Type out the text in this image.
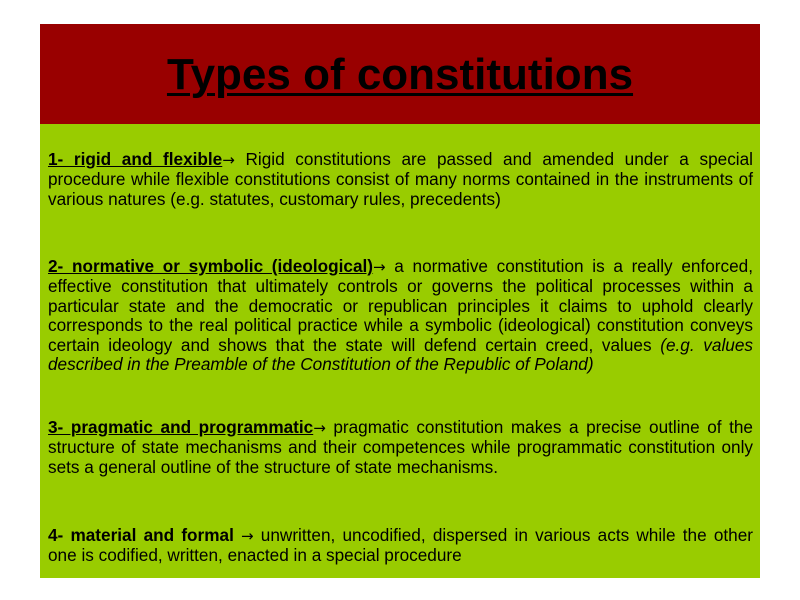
Types of constitutions

1- rigid and flexible→ Rigid constitutions are passed and amended under a special procedure while flexible constitutions consist of many norms contained in the instruments of various natures (e.g. statutes, customary rules, precedents)

2- normative or symbolic (ideological)→ a normative constitution is a really enforced, effective constitution that ultimately controls or governs the political processes within a particular state and the democratic or republican principles it claims to uphold clearly corresponds to the real political practice while a symbolic (ideological) constitution conveys certain ideology and shows that the state will defend certain creed, values (e.g. values described in the Preamble of the Constitution of the Republic of Poland)

3- pragmatic and programmatic→ pragmatic constitution makes a precise outline of the structure of state mechanisms and their competences while programmatic constitution only sets a general outline of the structure of state mechanisms.

4- material and formal → unwritten, uncodified, dispersed in various acts while the other one is codified, written, enacted in a special procedure
